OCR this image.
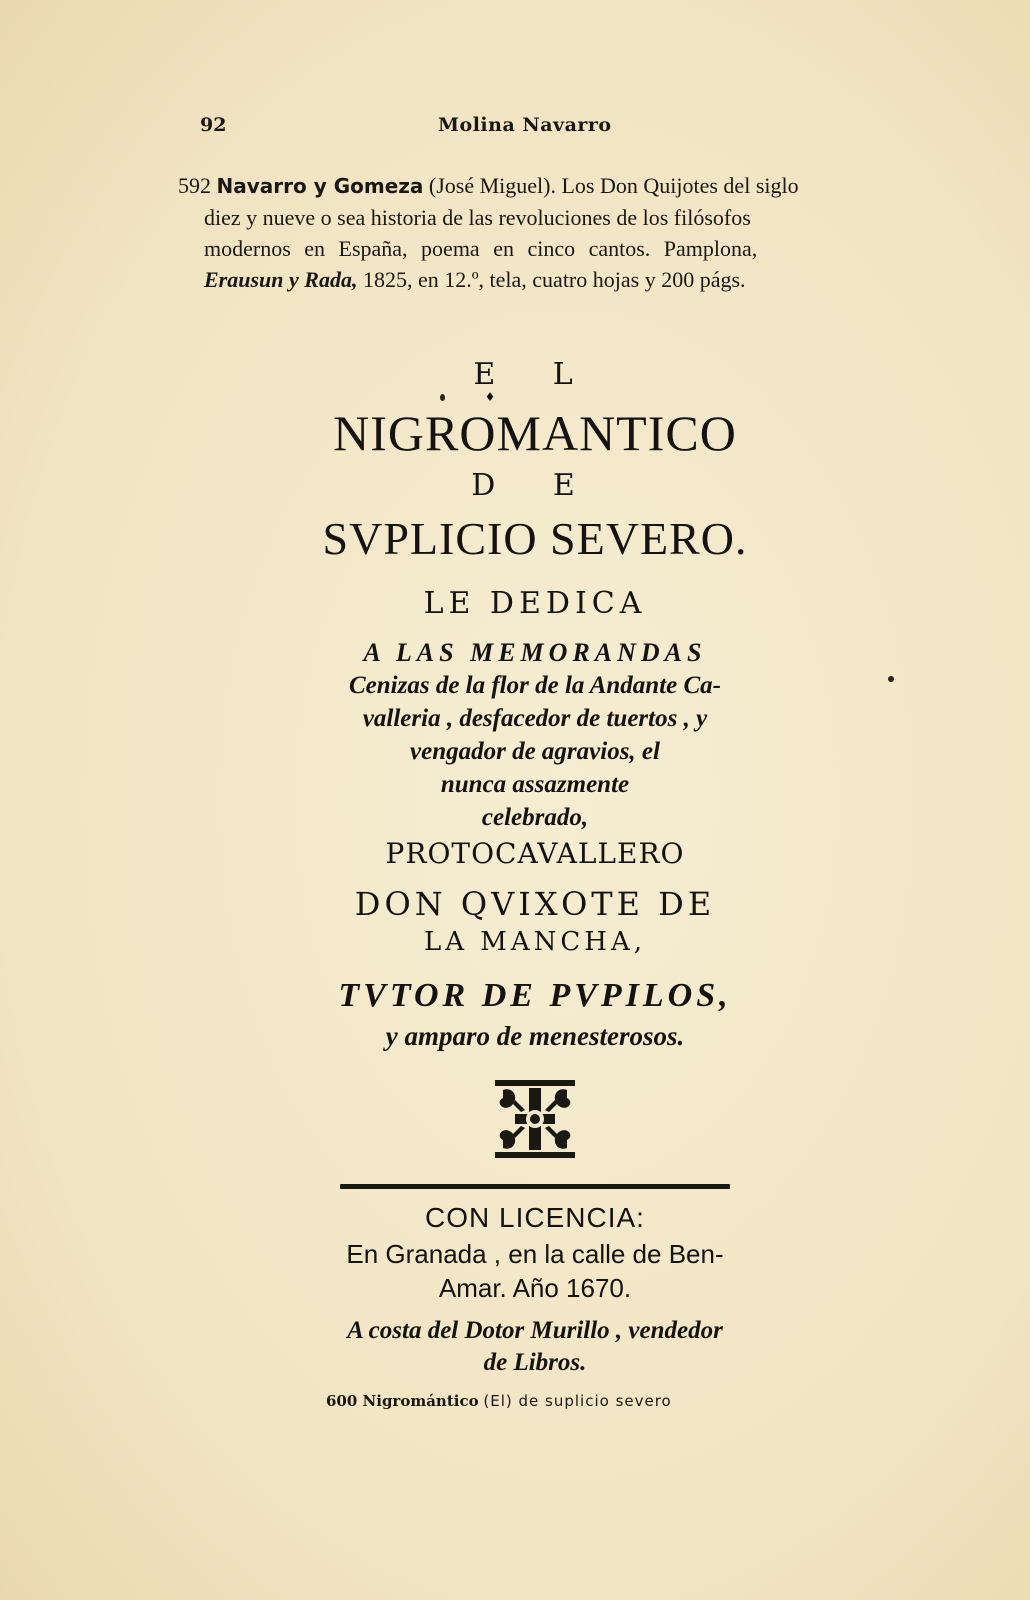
92	Molina Navarro
592 Navarro y Gomeza (José Miguel). Los Don Quijotes del siglo
diez y nueve o sea historia de las revoluciones de los filósofos
modernos en España, poema en cinco cantos. Pamplona,
Erausun y Rada, 1825, en 12.º, tela, cuatro hojas y 200 págs.
E L
♦
NIGROMANTICO
D E
SVPLICIO SEVERO.
LE DEDICA
A LAS MEMORANDAS
Cenizas de la flor de la Andante Ca-
valleria , desfacedor de tuertos , y
vengador de agravios, el
nunca assazmente
celebrado,
PROTOCAVALLERO
DON QVIXOTE DE
LA MANCHA,
TVTOR DE PVPILOS,
y amparo de menesterosos.
CON LICENCIA:
En Granada , en la calle de Ben-
Amar. Año 1670.
A costa del Dotor Murillo , vendedor
de Libros.
600 Nigromántico (El) de suplicio severo
